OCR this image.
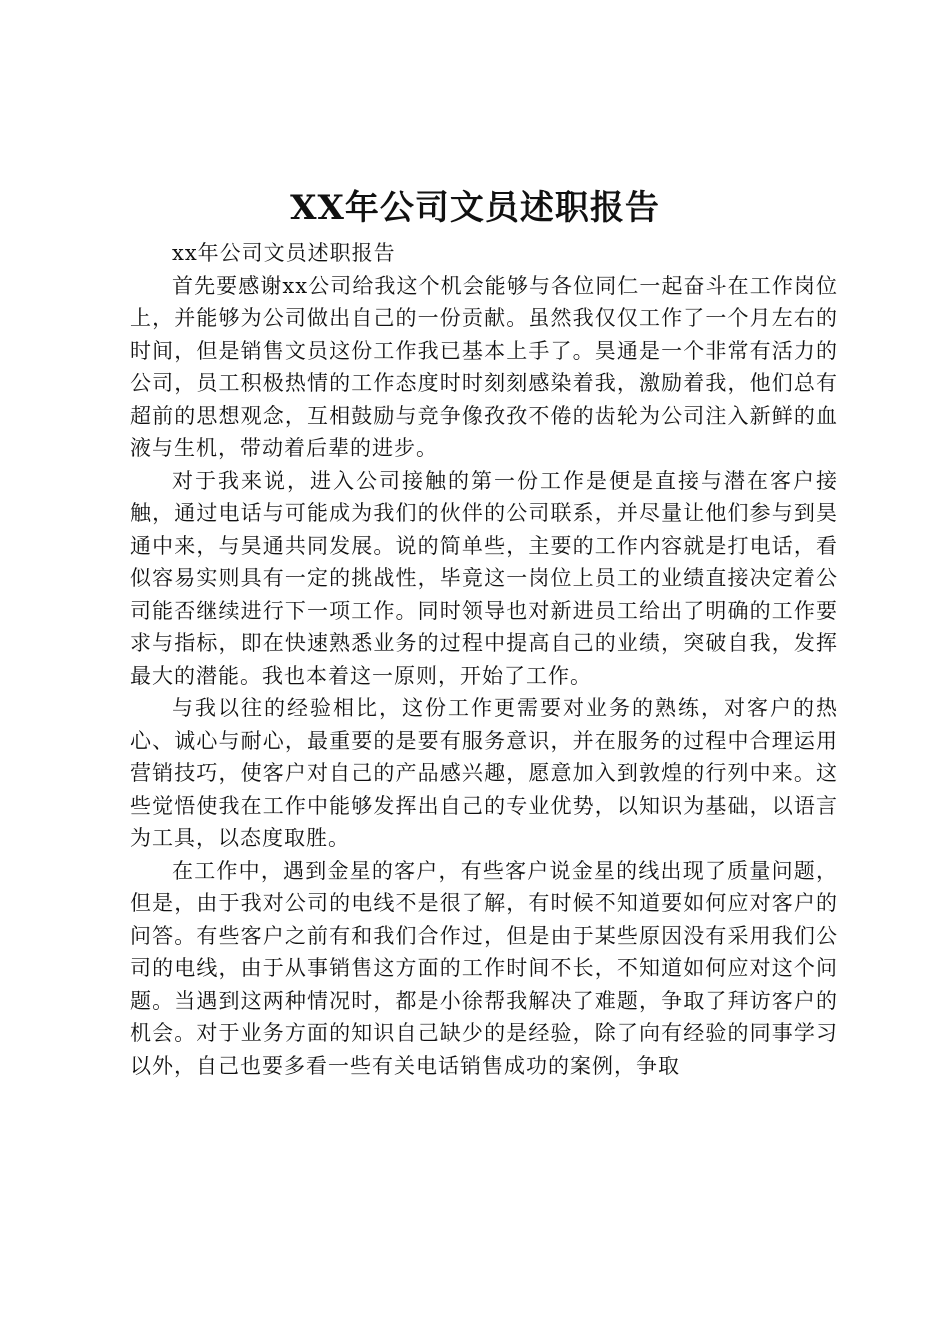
XX年公司文员述职报告

xx年公司文员述职报告

首先要感谢xx公司给我这个机会能够与各位同仁一起奋斗在工作岗位上，并能够为公司做出自己的一份贡献。虽然我仅仅工作了一个月左右的时间，但是销售文员这份工作我已基本上手了。昊通是一个非常有活力的公司，员工积极热情的工作态度时时刻刻感染着我，激励着我，他们总有超前的思想观念，互相鼓励与竞争像孜孜不倦的齿轮为公司注入新鲜的血液与生机，带动着后辈的进步。

对于我来说，进入公司接触的第一份工作是便是直接与潜在客户接触，通过电话与可能成为我们的伙伴的公司联系，并尽量让他们参与到昊通中来，与昊通共同发展。说的简单些，主要的工作内容就是打电话，看似容易实则具有一定的挑战性，毕竟这一岗位上员工的业绩直接决定着公司能否继续进行下一项工作。同时领导也对新进员工给出了明确的工作要求与指标，即在快速熟悉业务的过程中提高自己的业绩，突破自我，发挥最大的潜能。我也本着这一原则，开始了工作。

与我以往的经验相比，这份工作更需要对业务的熟练，对客户的热心、诚心与耐心，最重要的是要有服务意识，并在服务的过程中合理运用营销技巧，使客户对自己的产品感兴趣，愿意加入到敦煌的行列中来。这些觉悟使我在工作中能够发挥出自己的专业优势，以知识为基础，以语言为工具，以态度取胜。

在工作中，遇到金星的客户，有些客户说金星的线出现了质量问题，但是，由于我对公司的电线不是很了解，有时候不知道要如何应对客户的问答。有些客户之前有和我们合作过，但是由于某些原因没有采用我们公司的电线，由于从事销售这方面的工作时间不长，不知道如何应对这个问题。当遇到这两种情况时，都是小徐帮我解决了难题，争取了拜访客户的机会。对于业务方面的知识自己缺少的是经验，除了向有经验的同事学习以外，自己也要多看一些有关电话销售成功的案例，争取
